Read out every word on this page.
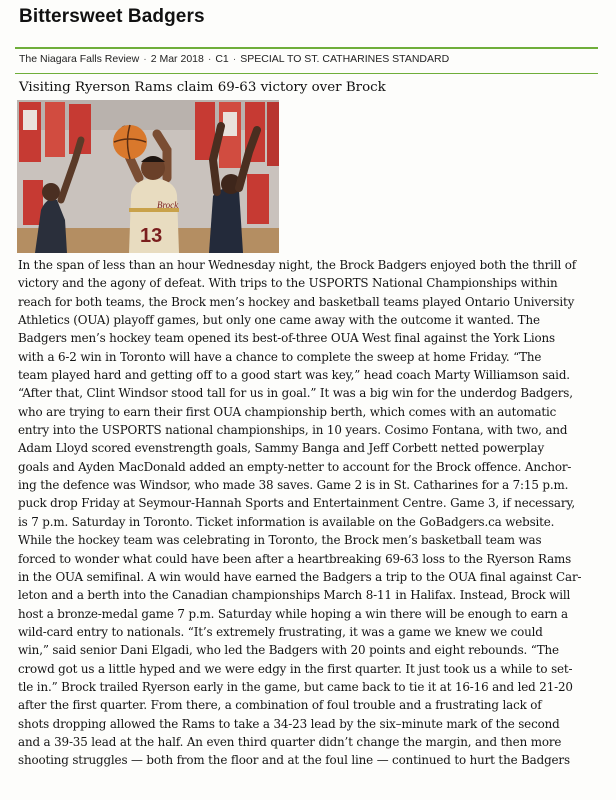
Bittersweet Badgers
The Niagara Falls Review · 2 Mar 2018 · C1 · SPECIAL TO ST. CATHARINES STANDARD
Visiting Ryerson Rams claim 69-63 victory over Brock
13
Brock
In the span of less than an hour Wednesday night, the Brock Badgers enjoyed both the thrill of
victory and the agony of defeat. With trips to the USPORTS National Championships within
reach for both teams, the Brock men’s hockey and basketball teams played Ontario University
Athletics (OUA) playoff games, but only one came away with the outcome it wanted. The
Badgers men’s hockey team opened its best-of-three OUA West final against the York Lions
with a 6-2 win in Toronto will have a chance to complete the sweep at home Friday. “The
team played hard and getting off to a good start was key,” head coach Marty Williamson said.
“After that, Clint Windsor stood tall for us in goal.” It was a big win for the underdog Badgers,
who are trying to earn their first OUA championship berth, which comes with an automatic
entry into the USPORTS national championships, in 10 years. Cosimo Fontana, with two, and
Adam Lloyd scored evenstrength goals, Sammy Banga and Jeff Corbett netted powerplay
goals and Ayden MacDonald added an empty-netter to account for the Brock offence. Anchor-
ing the defence was Windsor, who made 38 saves. Game 2 is in St. Catharines for a 7:15 p.m.
puck drop Friday at Seymour-Hannah Sports and Entertainment Centre. Game 3, if necessary,
is 7 p.m. Saturday in Toronto. Ticket information is available on the GoBadgers.ca website.
While the hockey team was celebrating in Toronto, the Brock men’s basketball team was
forced to wonder what could have been after a heartbreaking 69-63 loss to the Ryerson Rams
in the OUA semifinal. A win would have earned the Badgers a trip to the OUA final against Car-
leton and a berth into the Canadian championships March 8-11 in Halifax. Instead, Brock will
host a bronze-medal game 7 p.m. Saturday while hoping a win there will be enough to earn a
wild-card entry to nationals. “It’s extremely frustrating, it was a game we knew we could
win,” said senior Dani Elgadi, who led the Badgers with 20 points and eight rebounds. “The
crowd got us a little hyped and we were edgy in the first quarter. It just took us a while to set-
tle in.” Brock trailed Ryerson early in the game, but came back to tie it at 16-16 and led 21-20
after the first quarter. From there, a combination of foul trouble and a frustrating lack of
shots dropping allowed the Rams to take a 34-23 lead by the six–minute mark of the second
and a 39-35 lead at the half. An even third quarter didn’t change the margin, and then more
shooting struggles — both from the floor and at the foul line — continued to hurt the Badgers
